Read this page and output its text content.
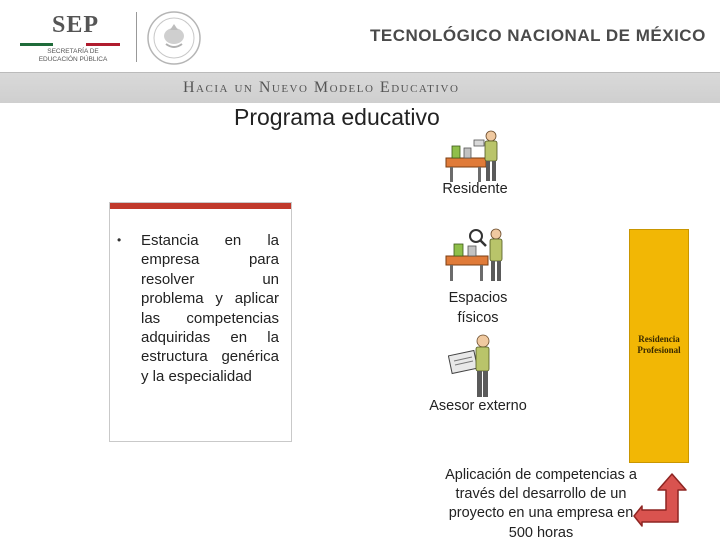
SEP
SECRETARÍA DE
EDUCACIÓN PÚBLICA
TECNOLÓGICO NACIONAL DE MÉXICO
Hacia un Nuevo Modelo Educativo
Programa educativo
• Estancia en la empresa para resolver un problema y aplicar las competencias adquiridas en la estructura genérica y la especialidad
Residente
Espacios físicos
Asesor externo
Residencia Profesional
Aplicación de competencias a través del desarrollo de un proyecto en una empresa en 500 horas
